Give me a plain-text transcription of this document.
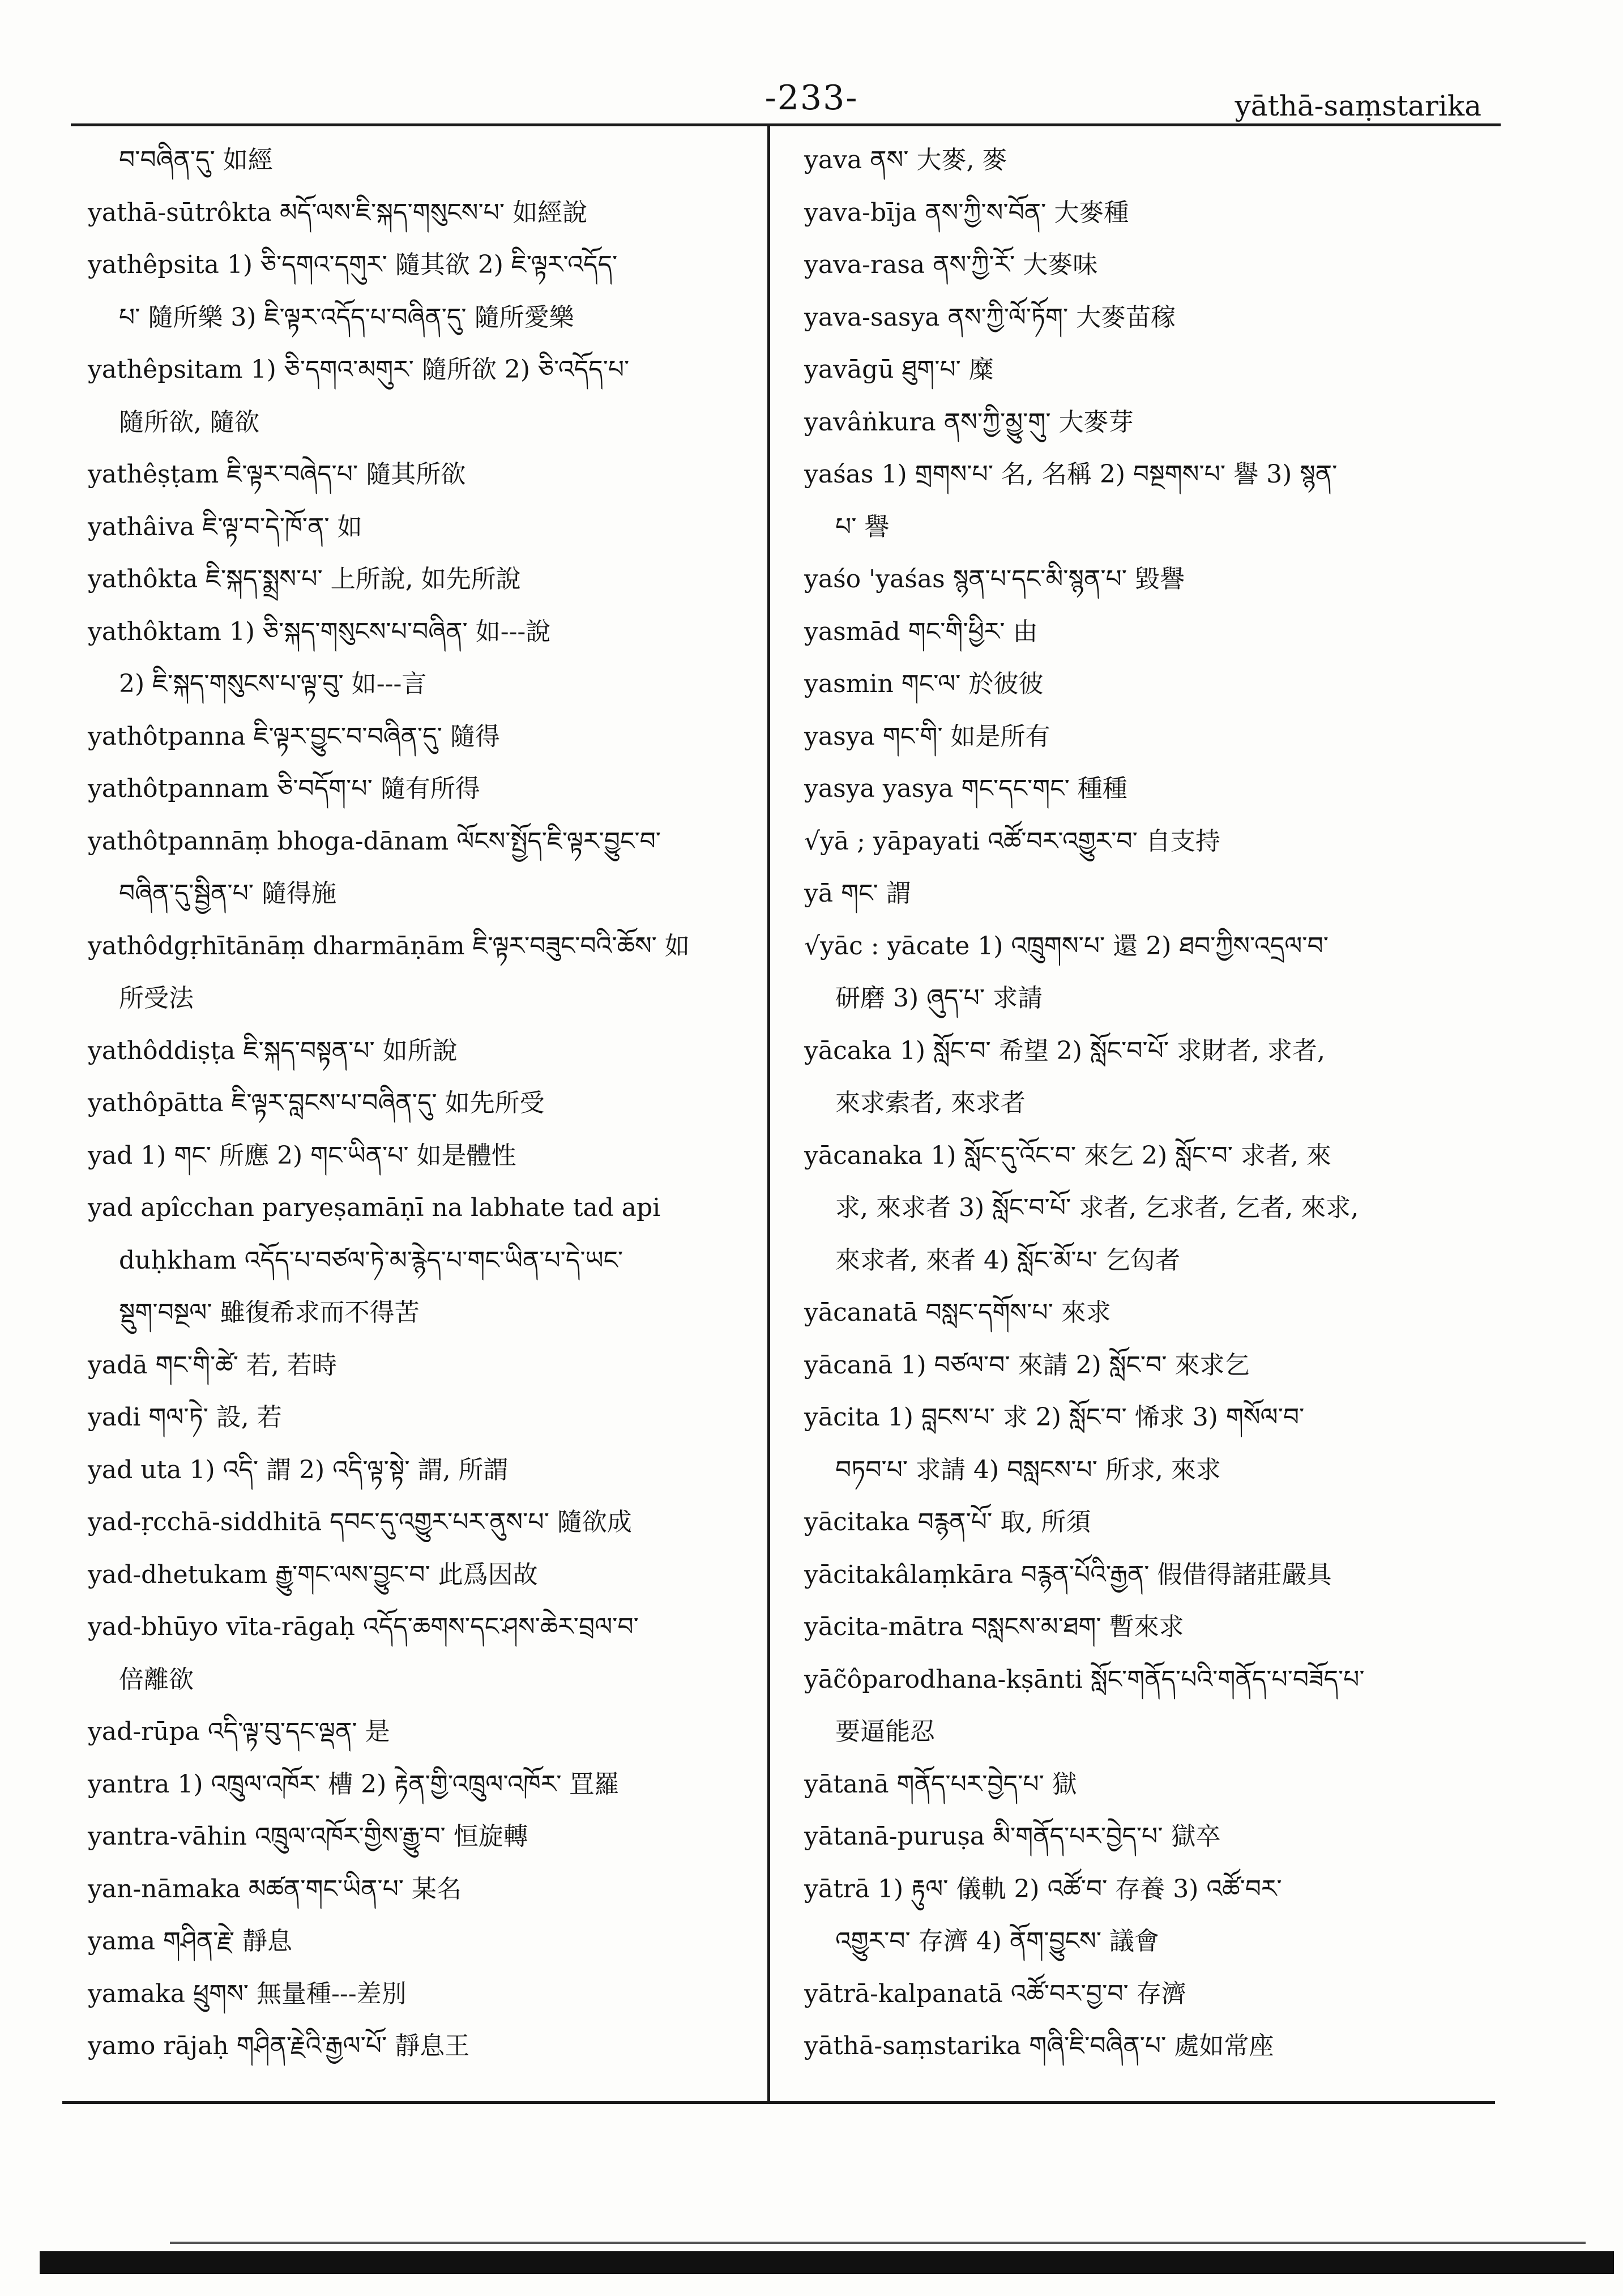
-233-	yāthā-saṃstarika
བ་བཞིན་དུ་ 如經
yathā-sūtrôkta མདོ་ལས་ཇི་སྐད་གསུངས་པ་ 如經說
yathêpsita 1) ཅི་དགའ་དགུར་ 隨其欲 2) ཇི་ལྟར་འདོད་
པ་ 隨所樂 3) ཇི་ལྟར་འདོད་པ་བཞིན་དུ་ 隨所愛樂
yathêpsitam 1) ཅི་དགའ་མགུར་ 隨所欲 2) ཅི་འདོད་པ་
隨所欲, 隨欲
yathêṣṭam ཇི་ལྟར་བཞེད་པ་ 隨其所欲
yathâiva ཇི་ལྟ་བ་དེ་ཁོ་ན་ 如
yathôkta ཇི་སྐད་སྨྲས་པ་ 上所說, 如先所說
yathôktam 1) ཅི་སྐད་གསུངས་པ་བཞིན་ 如---說
2) ཇི་སྐད་གསུངས་པ་ལྟ་བུ་ 如---言
yathôtpanna ཇི་ལྟར་བྱུང་བ་བཞིན་དུ་ 隨得
yathôtpannam ཅི་བདོག་པ་ 隨有所得
yathôtpannāṃ bhoga-dānam ལོངས་སྤྱོད་ཇི་ལྟར་བྱུང་བ་
བཞིན་དུ་སྦྱིན་པ་ 隨得施
yathôdgṛhītānāṃ dharmāṇām ཇི་ལྟར་བཟུང་བའི་ཆོས་ 如
所受法
yathôddiṣṭa ཇི་སྐད་བསྟན་པ་ 如所說
yathôpātta ཇི་ལྟར་བླངས་པ་བཞིན་དུ་ 如先所受
yad 1) གང་ 所應 2) གང་ཡིན་པ་ 如是體性
yad apîcchan paryeṣamāṇī na labhate tad api
duḥkham འདོད་པ་བཙལ་ཏེ་མ་རྙེད་པ་གང་ཡིན་པ་དེ་ཡང་
སྡུག་བསྔལ་ 雖復希求而不得苦
yadā གང་གི་ཚེ་ 若, 若時
yadi གལ་ཏེ་ 設, 若
yad uta 1) འདི་ 謂 2) འདི་ལྟ་སྟེ་ 謂, 所謂
yad-ṛcchā-siddhitā དབང་དུ་འགྱུར་པར་ནུས་པ་ 隨欲成
yad-dhetukam རྒྱུ་གང་ལས་བྱུང་བ་ 此爲因故
yad-bhūyo vīta-rāgaḥ འདོད་ཆགས་དང་ཤས་ཆེར་བྲལ་བ་
倍離欲
yad-rūpa འདི་ལྟ་བུ་དང་ལྡན་ 是
yantra 1) འཁྲུལ་འཁོར་ 槽 2) རྟེན་གྱི་འཁྲུལ་འཁོར་ 罝羅
yantra-vāhin འཁྲུལ་འཁོར་གྱིས་རྒྱུ་བ་ 恒旋轉
yan-nāmaka མཚན་གང་ཡིན་པ་ 某名
yama གཤིན་རྗེ་ 靜息
yamaka ཕྲུགས་ 無量種---差別
yamo rājaḥ གཤིན་རྗེའི་རྒྱལ་པོ་ 靜息王
yava ནས་ 大麥, 麥
yava-bīja ནས་ཀྱི་ས་བོན་ 大麥種
yava-rasa ནས་ཀྱི་རོ་ 大麥味
yava-sasya ནས་ཀྱི་ལོ་ཏོག་ 大麥苗稼
yavāgū ཐུག་པ་ 糜
yavâṅkura ནས་ཀྱི་མྱུ་གུ་ 大麥芽
yaśas 1) གྲགས་པ་ 名, 名稱 2) བསྔགས་པ་ 譽 3) སྙན་
པ་ 譽
yaśo 'yaśas སྙན་པ་དང་མི་སྙན་པ་ 毀譽
yasmād གང་གི་ཕྱིར་ 由
yasmin གང་ལ་ 於彼彼
yasya གང་གི་ 如是所有
yasya yasya གང་དང་གང་ 種種
√yā ; yāpayati འཚོ་བར་འགྱུར་བ་ 自支持
yā གང་ 謂
√yāc : yācate 1) འཁྲུགས་པ་ 還 2) ཐབ་ཀྱིས་འདྲལ་བ་
研磨 3) ཞུད་པ་ 求請
yācaka 1) སློང་བ་ 希望 2) སློང་བ་པོ་ 求財者, 求者,
來求索者, 來求者
yācanaka 1) སློང་དུ་འོང་བ་ 來乞 2) སློང་བ་ 求者, 來
求, 來求者 3) སློང་བ་པོ་ 求者, 乞求者, 乞者, 來求,
來求者, 來者 4) སློང་མོ་པ་ 乞匃者
yācanatā བསླང་དགོས་པ་ 來求
yācanā 1) བཙལ་བ་ 來請 2) སློང་བ་ 來求乞
yācita 1) བླངས་པ་ 求 2) སློང་བ་ 悕求 3) གསོལ་བ་
བཏབ་པ་ 求請 4) བསླངས་པ་ 所求, 來求
yācitaka བརྙན་པོ་ 取, 所須
yācitakâlaṃkāra བརྙན་པོའི་རྒྱན་ 假借得諸莊嚴具
yācita-mātra བསླངས་མ་ཐག་ 暫來求
yāc̃ôparodhana-kṣānti སློང་གནོད་པའི་གནོད་པ་བཟོད་པ་
要逼能忍
yātanā གནོད་པར་བྱེད་པ་ 獄
yātanā-puruṣa མི་གནོད་པར་བྱེད་པ་ 獄卒
yātrā 1) རྟུལ་ 儀軌 2) འཚོ་བ་ 存養 3) འཚོ་བར་
འགྱུར་བ་ 存濟 4) ནོག་བྱུངས་ 議會
yātrā-kalpanatā འཚོ་བར་བྱ་བ་ 存濟
yāthā-saṃstarika གཞི་ཇི་བཞིན་པ་ 處如常座
